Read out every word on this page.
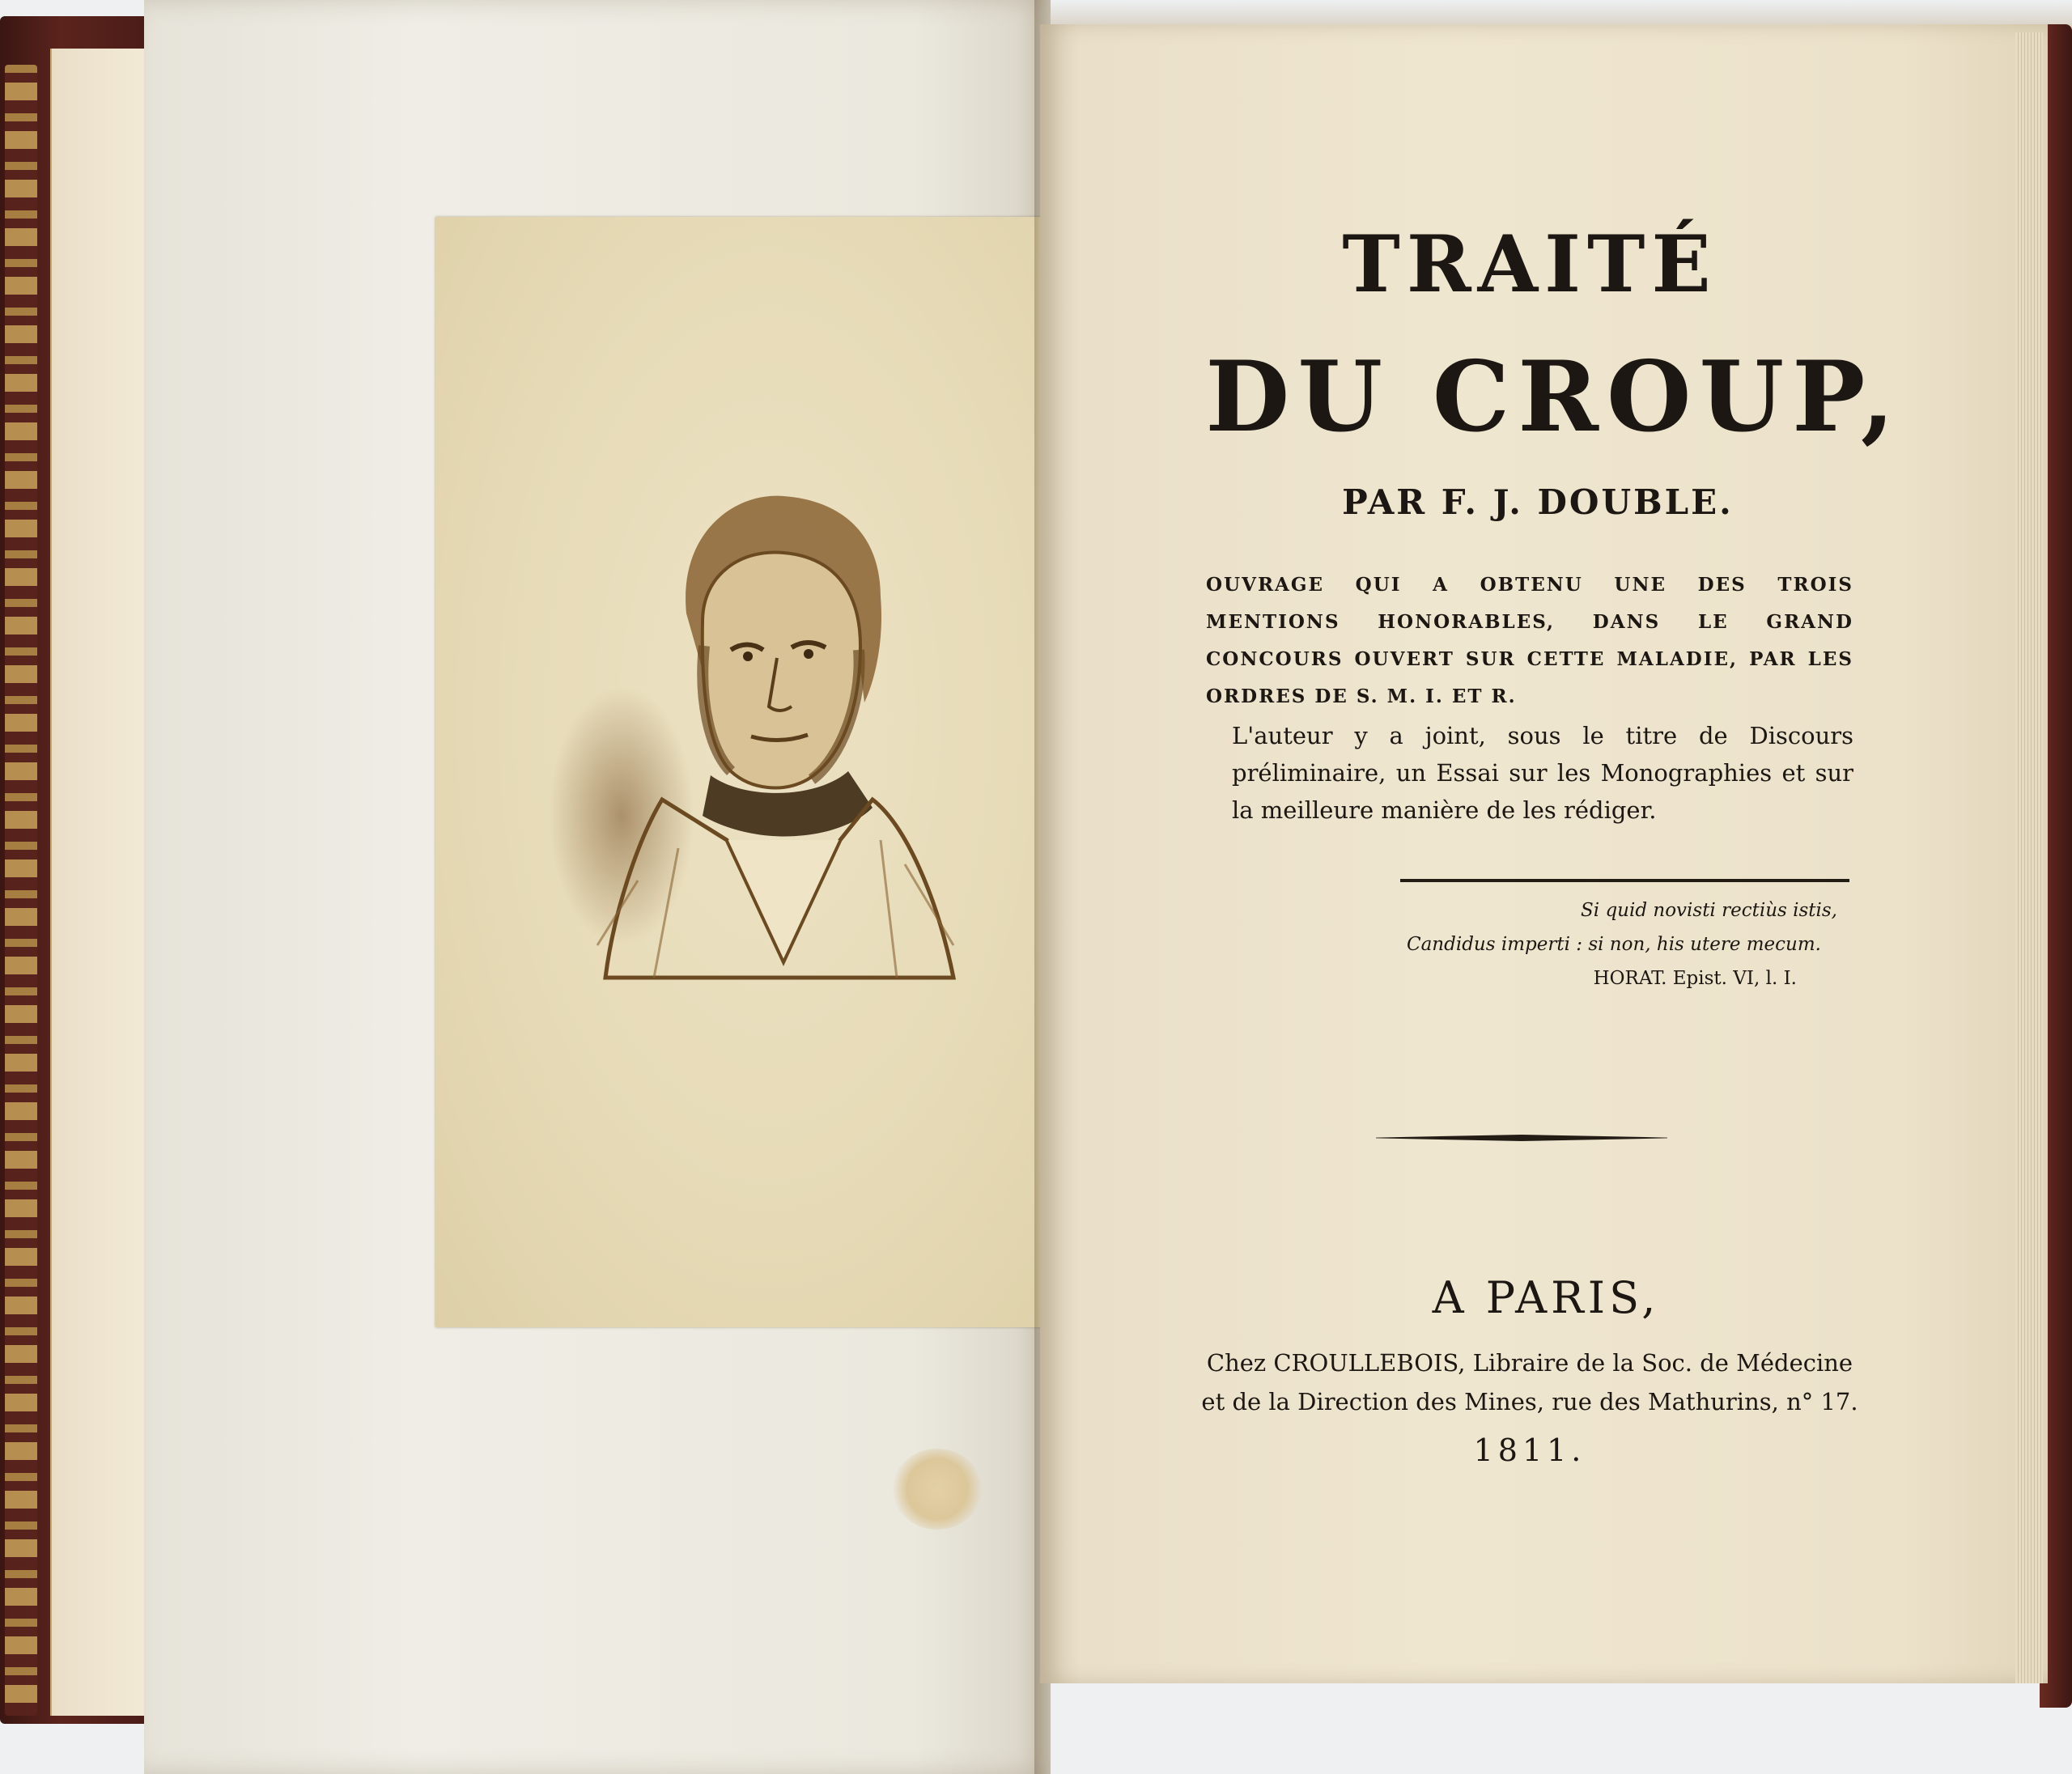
TRAITÉ
DU CROUP,
PAR F. J. DOUBLE.
OUVRAGE QUI A OBTENU UNE DES TROIS MENTIONS HONORABLES, DANS LE GRAND CONCOURS OUVERT SUR CETTE MALADIE, PAR LES ORDRES DE S. M. I. ET R.
L'auteur y a joint, sous le titre de Discours préliminaire, un Essai sur les Monographies et sur la meilleure manière de les rédiger.
Si quid novisti rectiùs istis,
Candidus imperti : si non, his utere mecum.
HORAT. Epist. VI, l. I.
A PARIS,
Chez CROULLEBOIS, Libraire de la Soc. de Médecine et de la Direction des Mines, rue des Mathurins, n° 17.
1811.
